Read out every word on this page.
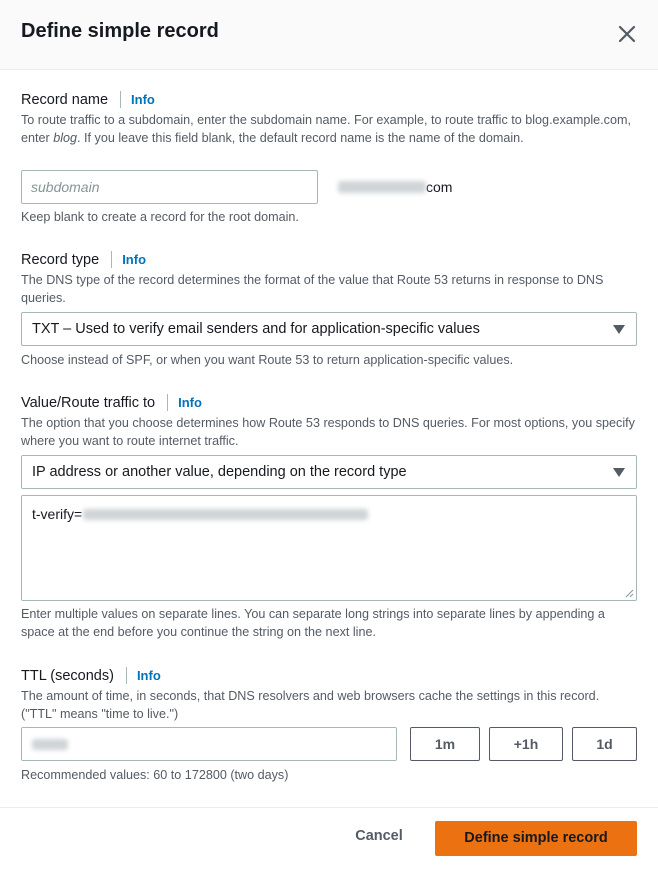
Define simple record
Record name Info
To route traffic to a subdomain, enter the subdomain name. For example, to route traffic to blog.example.com, enter blog. If you leave this field blank, the default record name is the name of the domain.
subdomain
com
Keep blank to create a record for the root domain.
Record type Info
The DNS type of the record determines the format of the value that Route 53 returns in response to DNS queries.
TXT – Used to verify email senders and for application-specific values
Choose instead of SPF, or when you want Route 53 to return application-specific values.
Value/Route traffic to Info
The option that you choose determines how Route 53 responds to DNS queries. For most options, you specify where you want to route internet traffic.
IP address or another value, depending on the record type
t-verify=
Enter multiple values on separate lines. You can separate long strings into separate lines by appending a space at the end before you continue the string on the next line.
TTL (seconds) Info
The amount of time, in seconds, that DNS resolvers and web browsers cache the settings in this record. ("TTL" means "time to live.")
1m	+1h	1d
Recommended values: 60 to 172800 (two days)
Cancel	Define simple record
